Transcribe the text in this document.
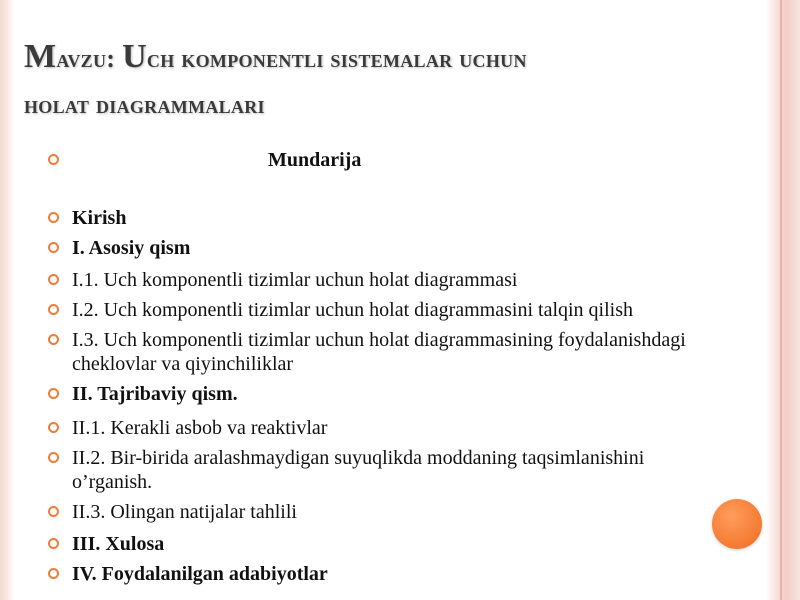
Mavzu: Uch komponentli sistemalar uchun
holat diagrammalari
Mundarija
Kirish
I. Asosiy qism
I.1. Uch komponentli tizimlar uchun holat diagrammasi
I.2. Uch komponentli tizimlar uchun holat diagrammasini talqin qilish
I.3. Uch komponentli tizimlar uchun holat diagrammasining foydalanishdagi cheklovlar va qiyinchiliklar
II. Tajribaviy qism.
II.1. Kerakli asbob va reaktivlar
II.2. Bir-birida aralashmaydigan suyuqlikda moddaning taqsimlanishini o’rganish.
II.3. Olingan natijalar tahlili
III. Xulosa
IV. Foydalanilgan adabiyotlar
